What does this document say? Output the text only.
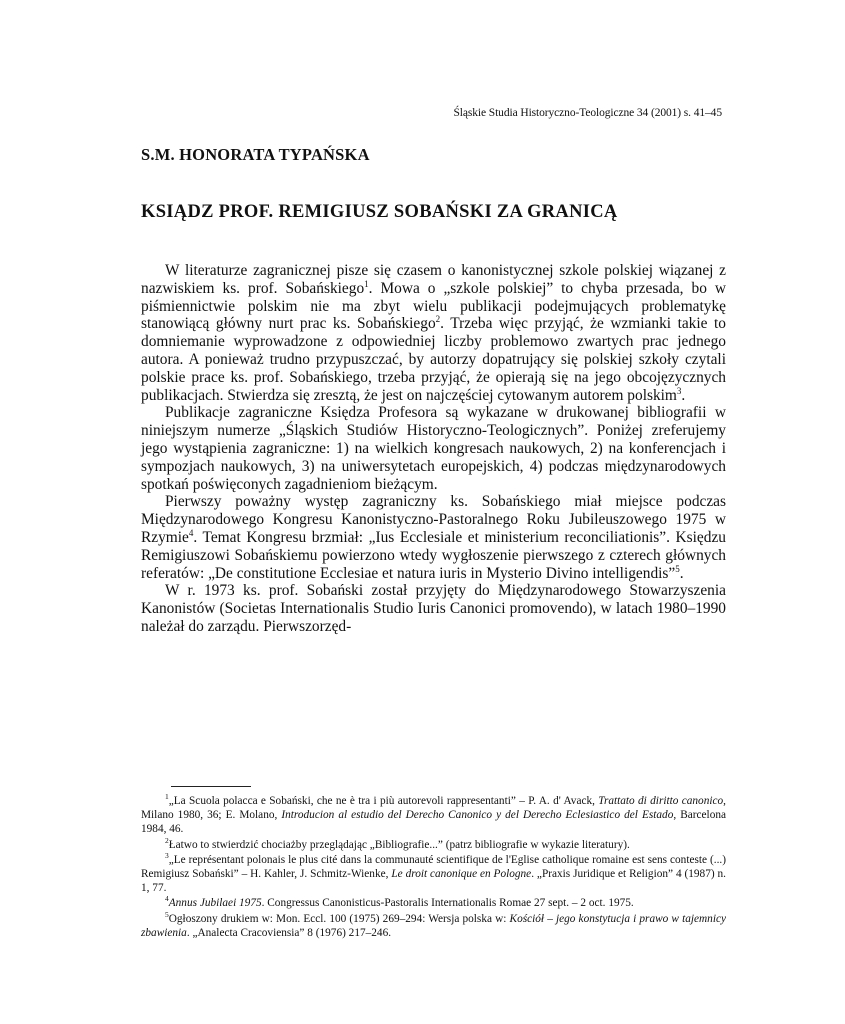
Śląskie Studia Historyczno-Teologiczne 34 (2001) s. 41–45
S.M. HONORATA TYPAŃSKA
KSIĄDZ PROF. REMIGIUSZ SOBAŃSKI ZA GRANICĄ

W literaturze zagranicznej pisze się czasem o kanonistycznej szkole polskiej wiązanej z nazwiskiem ks. prof. Sobańskiego$^1$. Mowa o „szkole polskiej” to chyba przesada, bo w piśmiennictwie polskim nie ma zbyt wielu publikacji podejmujących problematykę stanowiącą główny nurt prac ks. Sobańskiego$^2$. Trzeba więc przyjąć, że wzmianki takie to domniemanie wyprowadzone z odpowiedniej liczby problemowo zwartych prac jednego autora. A ponieważ trudno przypuszczać, by autorzy dopatrujący się polskiej szkoły czytali polskie prace ks. prof. Sobańskiego, trzeba przyjąć, że opierają się na jego obcojęzycznych publikacjach. Stwierdza się zresztą, że jest on najczęściej cytowanym autorem polskim$^3$.

Publikacje zagraniczne Księdza Profesora są wykazane w drukowanej bibliografii w niniejszym numerze „Śląskich Studiów Historyczno-Teologicznych”. Poniżej zreferujemy jego wystąpienia zagraniczne: 1) na wielkich kongresach naukowych, 2) na konferencjach i sympozjach naukowych, 3) na uniwersytetach europejskich, 4) podczas międzynarodowych spotkań poświęconych zagadnieniom bieżącym.

Pierwszy poważny występ zagraniczny ks. Sobańskiego miał miejsce podczas Międzynarodowego Kongresu Kanonistyczno-Pastoralnego Roku Jubileuszowego 1975 w Rzymie$^4$. Temat Kongresu brzmiał: „Ius Ecclesiale et ministerium reconciliationis”. Księdzu Remigiuszowi Sobańskiemu powierzono wtedy wygłoszenie pierwszego z czterech głównych referatów: „De constitutione Ecclesiae et natura iuris in Mysterio Divino intelligendis”$^5$.

W r. 1973 ks. prof. Sobański został przyjęty do Międzynarodowego Stowarzyszenia Kanonistów (Societas Internationalis Studio Iuris Canonici promovendo), w latach 1980–1990 należał do zarządu. Pierwszorzęd-

$^1$„La Scuola polacca e Sobański, che ne è tra i più autorevoli rappresentanti” – P. A. d' Avack, Trattato di diritto canonico, Milano 1980, 36; E. Molano, Introducion al estudio del Derecho Canonico y del Derecho Eclesiastico del Estado, Barcelona 1984, 46.

$^2$Łatwo to stwierdzić chociażby przeglądając „Bibliografie...” (patrz bibliografie w wykazie literatury).

$^3$„Le représentant polonais le plus cité dans la communauté scientifique de l'Eglise catholique romaine est sens conteste (...) Remigiusz Sobański” – H. Kahler, J. Schmitz-Wienke, Le droit canonique en Pologne. „Praxis Juridique et Religion” 4 (1987) n. 1, 77.

$^4$Annus Jubilaei 1975. Congressus Canonisticus-Pastoralis Internationalis Romae 27 sept. – 2 oct. 1975.

$^5$Ogłoszony drukiem w: Mon. Eccl. 100 (1975) 269–294: Wersja polska w: Kościół – jego konstytucja i prawo w tajemnicy zbawienia. „Analecta Cracoviensia” 8 (1976) 217–246.
